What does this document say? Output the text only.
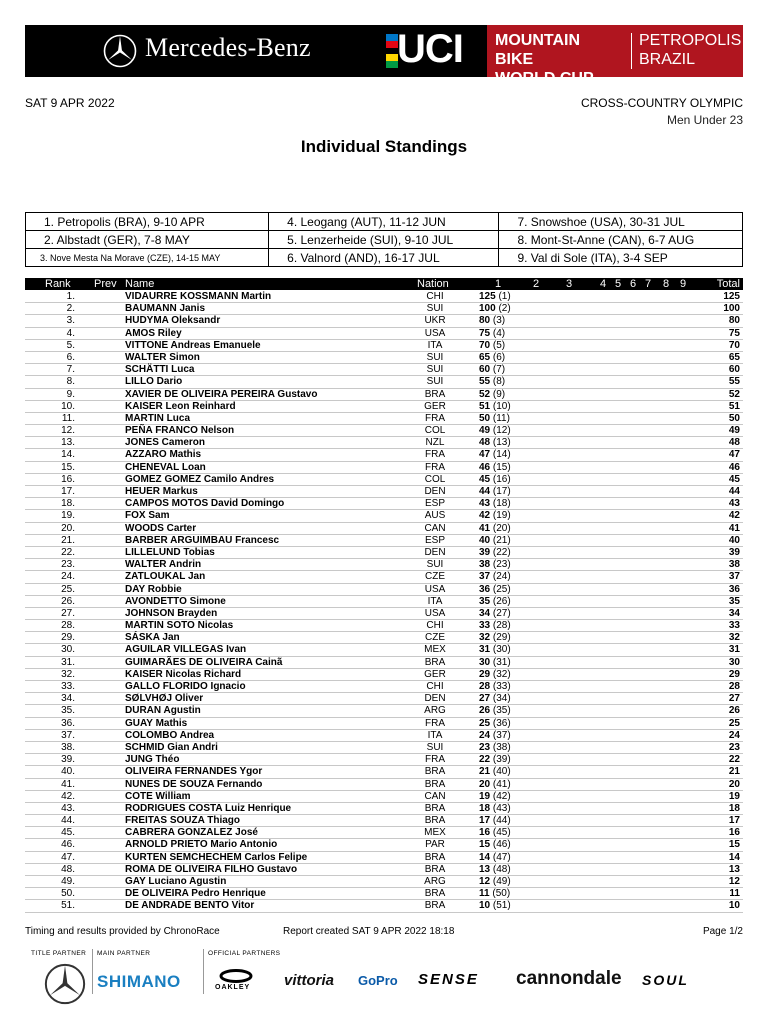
Mercedes-Benz UCI MOUNTAIN BIKE
WORLD CUP
PETROPOLIS
BRAZIL
SAT 9 APR 2022	CROSS-COUNTRY OLYMPIC
Men Under 23
Individual Standings
1. Petropolis (BRA), 9-10 APR	4. Leogang (AUT), 11-12 JUN	7. Snowshoe (USA), 30-31 JUL
2. Albstadt (GER), 7-8 MAY	5. Lenzerheide (SUI), 9-10 JUL	8. Mont-St-Anne (CAN), 6-7 AUG
3. Nove Mesta Na Morave (CZE), 14-15 MAY	6. Valnord (AND), 16-17 JUL	9. Val di Sole (ITA), 3-4 SEP
Rank Prev Name	Nation	1	2 3	4 5 6 7 8 9	Total
1.	VIDAURRE KOSSMANN Martin	CHI	125 (1)	125
2.	BAUMANN Janis	SUI	100 (2)	100
3.	HUDYMA Oleksandr	UKR	80 (3)	80
4.	AMOS Riley	USA	75 (4)	75
5.	VITTONE Andreas Emanuele	ITA	70 (5)	70
6.	WALTER Simon	SUI	65 (6)	65
7.	SCHÄTTI Luca	SUI	60 (7)	60
8.	LILLO Dario	SUI	55 (8)	55
9.	XAVIER DE OLIVEIRA PEREIRA Gustavo	BRA	52 (9)	52
10.	KAISER Leon Reinhard	GER	51 (10)	51
11.	MARTIN Luca	FRA	50 (11)	50
12.	PEÑA FRANCO Nelson	COL	49 (12)	49
13.	JONES Cameron	NZL	48 (13)	48
14.	AZZARO Mathis	FRA	47 (14)	47
15.	CHENEVAL Loan	FRA	46 (15)	46
16.	GOMEZ GOMEZ Camilo Andres	COL	45 (16)	45
17.	HEUER Markus	DEN	44 (17)	44
18.	CAMPOS MOTOS David Domingo	ESP	43 (18)	43
19.	FOX Sam	AUS	42 (19)	42
20.	WOODS Carter	CAN	41 (20)	41
21.	BARBER ARGUIMBAU Francesc	ESP	40 (21)	40
22.	LILLELUND Tobias	DEN	39 (22)	39
23.	WALTER Andrin	SUI	38 (23)	38
24.	ZATLOUKAL Jan	CZE	37 (24)	37
25.	DAY Robbie	USA	36 (25)	36
26.	AVONDETTO Simone	ITA	35 (26)	35
27.	JOHNSON Brayden	USA	34 (27)	34
28.	MARTIN SOTO Nicolas	CHI	33 (28)	33
29.	SÁSKA Jan	CZE	32 (29)	32
30.	AGUILAR VILLEGAS Ivan	MEX	31 (30)	31
31.	GUIMARÃES DE OLIVEIRA Cainã	BRA	30 (31)	30
32.	KAISER Nicolas Richard	GER	29 (32)	29
33.	GALLO FLORIDO Ignacio	CHI	28 (33)	28
34.	SØLVHØJ Oliver	DEN	27 (34)	27
35.	DURAN Agustin	ARG	26 (35)	26
36.	GUAY Mathis	FRA	25 (36)	25
37.	COLOMBO Andrea	ITA	24 (37)	24
38.	SCHMID Gian Andri	SUI	23 (38)	23
39.	JUNG Théo	FRA	22 (39)	22
40.	OLIVEIRA FERNANDES Ygor	BRA	21 (40)	21
41.	NUNES DE SOUZA Fernando	BRA	20 (41)	20
42.	COTE William	CAN	19 (42)	19
43.	RODRIGUES COSTA Luiz Henrique	BRA	18 (43)	18
44.	FREITAS SOUZA Thiago	BRA	17 (44)	17
45.	CABRERA GONZALEZ José	MEX	16 (45)	16
46.	ARNOLD PRIETO Mario Antonio	PAR	15 (46)	15
47.	KURTEN SEMCHECHEM Carlos Felipe	BRA	14 (47)	14
48.	ROMA DE OLIVEIRA FILHO Gustavo	BRA	13 (48)	13
49.	GAY Luciano Agustin	ARG	12 (49)	12
50.	DE OLIVEIRA Pedro Henrique	BRA	11 (50)	11
51.	DE ANDRADE BENTO Vitor	BRA	10 (51)	10
Timing and results provided by ChronoRace	Report created SAT 9 APR 2022 18:18	Page 1/2
TITLE PARTNER MAIN PARTNER	OFFICIAL PARTNERS
SHIMANO	OAKLEY vittoria GoPro SENSE cannondale SOUL
